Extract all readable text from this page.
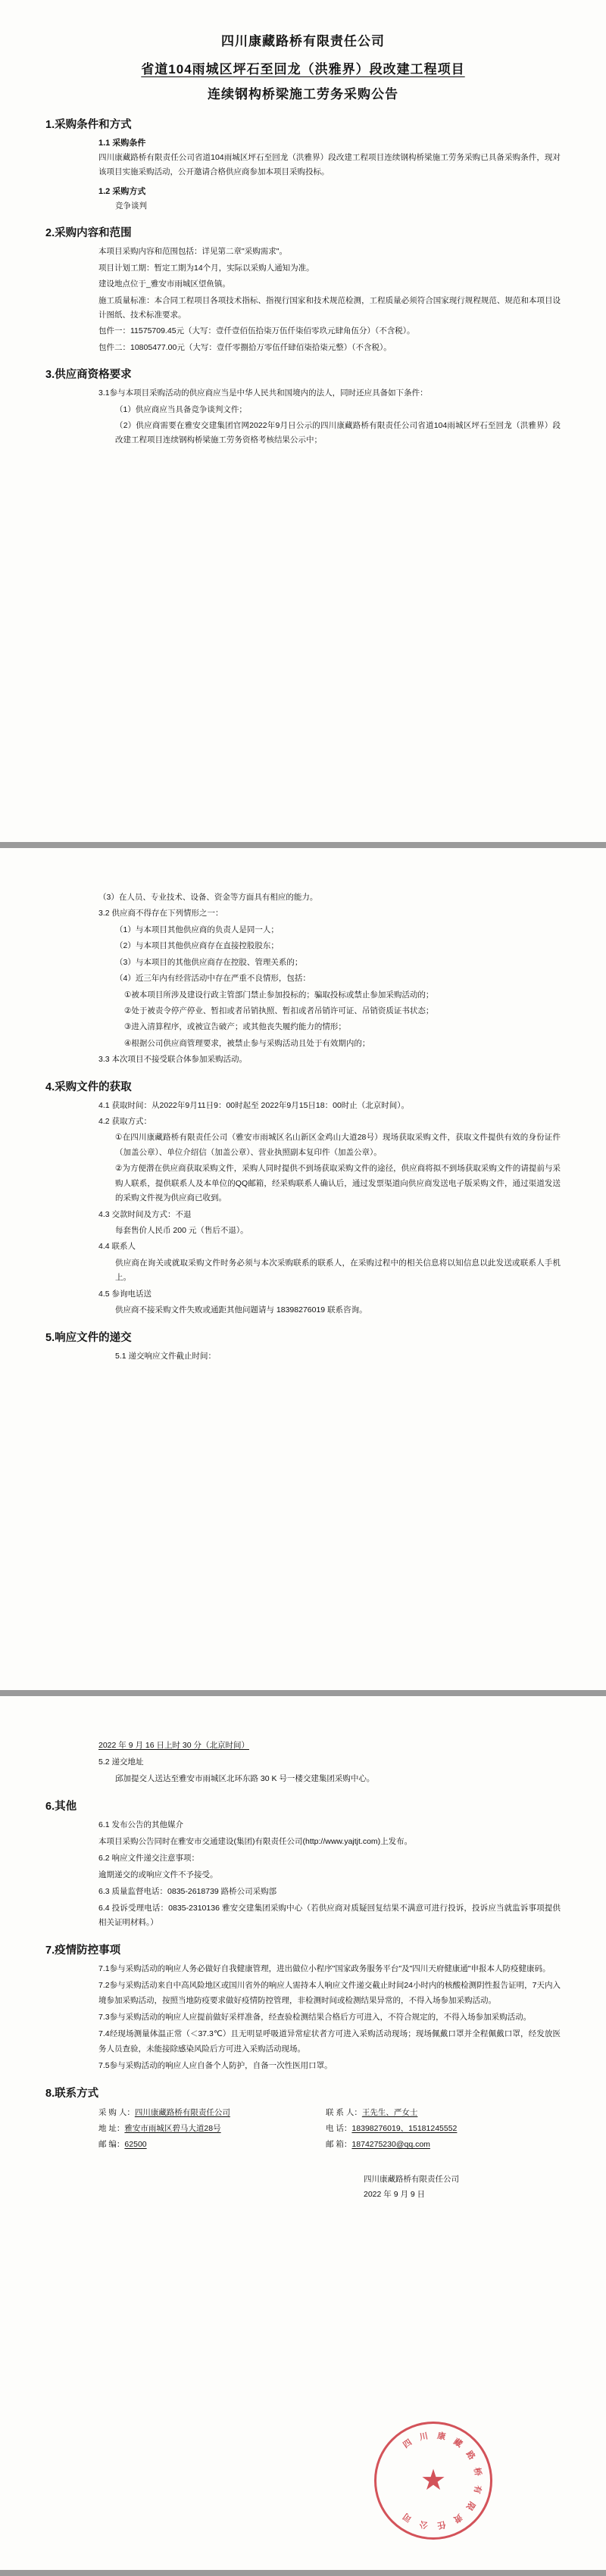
四川康藏路桥有限责任公司
省道104雨城区坪石至回龙（洪雅界）段改建工程项目
连续钢构桥梁施工劳务采购公告
1.采购条件和方式
1.1 采购条件

四川康藏路桥有限责任公司省道104雨城区坪石至回龙（洪雅界）段改建工程项目连续钢构桥梁施工劳务采购已具备采购条件，现对该项目实施采购活动，公开邀请合格供应商参加本项目采购投标。

1.2 采购方式

竞争谈判

2.采购内容和范围

本项目采购内容和范围包括：详见第二章"采购需求"。

项目计划工期：暂定工期为14个月，实际以采购人通知为准。

建设地点位于_雅安市雨城区望鱼镇。

施工质量标准：本合同工程项目各项技术指标、指视行国家和技术规范检测，工程质量必须符合国家现行规程规范、规范和本项目设计图纸、技术标准要求。

包件一：11575709.45元（大写：壹仟壹佰伍拾柒万伍仟柒佰零玖元肆角伍分）（不含税）。

包件二：10805477.00元（大写：壹仟零捌拾万零伍仟肆佰柒拾柒元整）（不含税）。

3.供应商资格要求

3.1参与本项目采购活动的供应商应当是中华人民共和国境内的法人，同时还应具备如下条件：

（1）供应商应当具备竞争谈判文件；

（2）供应商需要在雅安交建集团官网2022年9月日公示的四川康藏路桥有限责任公司省道104雨城区坪石至回龙（洪雅界）段改建工程项目连续钢构桥梁施工劳务资格考核结果公示中；

（3）在人员、专业技术、设备、资金等方面具有相应的能力。

3.2 供应商不得存在下列情形之一：

（1）与本项目其他供应商的负责人是同一人；

（2）与本项目其他供应商存在直接控股股东；

（3）与本项目的其他供应商存在控股、管理关系的；

（4）近三年内有经营活动中存在严重不良情形，包括：

①被本项目所涉及建设行政主管部门禁止参加投标的；骗取投标或禁止参加采购活动的；

②处于被责令停产停业、暂扣或者吊销执照、暂扣或者吊销许可证、吊销资质证书状态；

③进入清算程序，或被宣告破产；或其他丧失履约能力的情形；

④根据公司供应商管理要求，被禁止参与采购活动且处于有效期内的；

3.3 本次项目不接受联合体参加采购活动。

4.采购文件的获取

4.1 获取时间：从2022年9月11日9：00时起至 2022年9月15日18：00时止（北京时间）。

4.2 获取方式：

①在四川康藏路桥有限责任公司（雅安市雨城区名山新区金鸡山大道28号）现场获取采购文件，获取文件提供有效的身份证件（加盖公章）、单位介绍信（加盖公章）、营业执照副本复印件（加盖公章）。

②为方便潜在供应商获取采购文件，采购人同时提供不到场获取采购文件的途径，供应商将拟不到场获取采购文件的请提前与采购人联系，提供联系人及本单位的QQ邮箱，经采购联系人确认后，通过发票渠道向供应商发送电子版采购文件，通过渠道发送的采购文件视为供应商已收到。

4.3 交款时间及方式：不退

每套售价人民币 200 元（售后不退）。

4.4 联系人

供应商在询关或就取采购文件时务必须与本次采购联系的联系人，在采购过程中的相关信息将以知信息以此发送或联系人手机上。

4.5 参询电话送

供应商不接采购文件失败或通距其他问题请与 18398276019 联系咨询。

5.响应文件的递交

5.1 递交响应文件截止时间：

2022 年 9 月 16 日上时 30 分（北京时间）

5.2 递交地址

邱加提交人送达至雅安市雨城区北环东路 30 K 号一楼交建集团采购中心。

6.其他

6.1 发布公告的其他媒介

本项目采购公告同时在雅安市交通建设(集团)有限责任公司(http://www.yajtjt.com)上发布。

6.2 响应文件递交注意事项：

逾期递交的或响应文件不予接受。

6.3 质量监督电话：0835-2618739 路桥公司采购部

6.4 投诉受理电话：0835-2310136 雅安交建集团采购中心（若供应商对质疑回复结果不满意可进行投诉，投诉应当就监诉事项提供相关证明材料。）

7.疫情防控事项

7.1参与采购活动的响应人务必做好自我健康管理，进出做位小程序"国家政务服务平台"及"四川天府健康通"申报本人防疫健康码。

7.2参与采购活动来自中高风险地区或国川省外的响应人需持本人响应文件递交截止时间24小时内的核酸检测阴性报告证明，7天内入境参加采购活动，按照当地防疫要求做好疫情防控管理，非检测时间或检测结果异常的，不得入场参加采购活动。

7.3参与采购活动的响应人应提前做好采样准备，经查验检测结果合格后方可进入，不符合规定的，不得入场参加采购活动。

7.4经现场测量体温正常（＜37.3℃）且无明显呼吸道异常症状者方可进入采购活动现场；现场佩戴口罩并全程佩戴口罩，经发放医务人员查验，未能接除感染风险后方可进入采购活动现场。

7.5参与采购活动的响应人应自备个人防护，自备一次性医用口罩。

8.联系方式
采 购 人：四川康藏路桥有限责任公司	联 系 人：王先生、严女士
地 址：雅安市雨城区碧马大道28号	电 话：18398276019、15181245552
邮 编：62500	邮 箱：1874275230@qq.com
四川康藏路桥有限责任公司
2022 年 9 月 9 日
四
川 康
藏
路
桥
有
限
责
任
公
司
★
